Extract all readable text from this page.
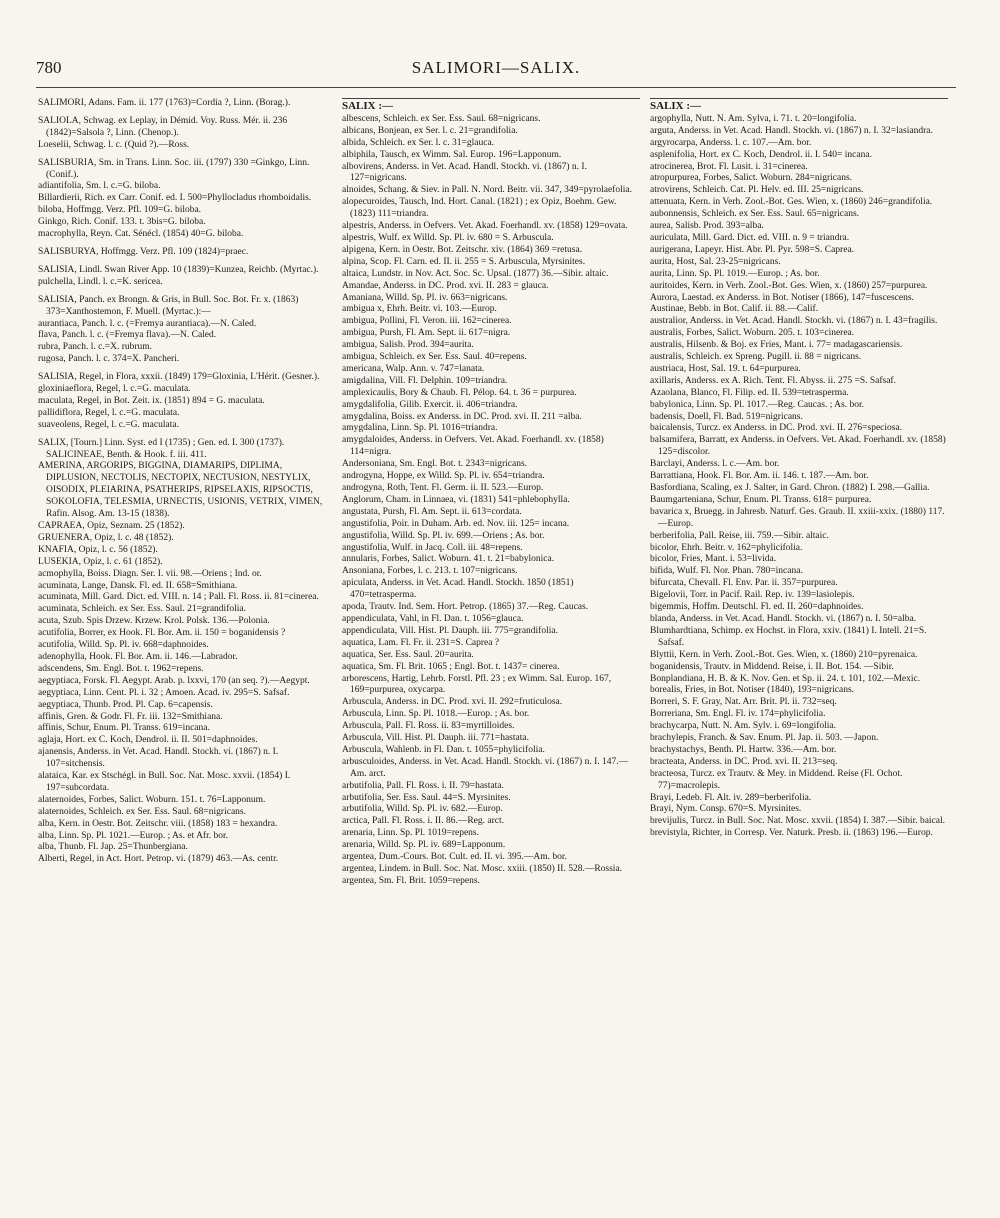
780	SALIMORI—SALIX.

SALIMORI, Adans. Fam. ii. 177 (1763)=Cordia ?, Linn. (Borag.).

SALIOLA, Schwag. ex Leplay, in Démid. Voy. Russ. Mér. ii. 236 (1842)=Salsola ?, Linn. (Chenop.).

Loeselii, Schwag. l. c. (Quid ?).—Ross.

SALISBURIA, Sm. in Trans. Linn. Soc. iii. (1797) 330 =Ginkgo, Linn. (Conif.).

adiantifolia, Sm. l. c.=G. biloba.

Billardierii, Rich. ex Carr. Conif. ed. I. 500=Phyllocladus rhomboidalis.

biloba, Hoffmgg. Verz. Pfl. 109=G. biloba.

Ginkgo, Rich. Conif. 133. t. 3bis=G. biloba.

macrophylla, Reyn. Cat. Sénécl. (1854) 40=G. biloba.

SALISBURYA, Hoffmgg. Verz. Pfl. 109 (1824)=praec.

SALISIA, Lindl. Swan River App. 10 (1839)=Kunzea, Reichb. (Myrtac.).

pulchella, Lindl. l. c.=K. sericea.

SALISIA, Panch. ex Brongn. & Gris, in Bull. Soc. Bot. Fr. x. (1863) 373=Xanthostemon, F. Muell. (Myrtac.):—

aurantiaca, Panch. l. c. (=Fremya aurantiaca).—N. Caled.

flava, Panch. l. c. (=Fremya flava).—N. Caled.

rubra, Panch. l. c.=X. rubrum.

rugosa, Panch. l. c. 374=X. Pancheri.

SALISIA, Regel, in Flora, xxxii. (1849) 179=Gloxinia, L'Hérit. (Gesner.).

gloxiniaeflora, Regel, l. c.=G. maculata.

maculata, Regel, in Bot. Zeit. ix. (1851) 894 = G. maculata.

pallidiflora, Regel, l. c.=G. maculata.

suaveolens, Regel, l. c.=G. maculata.

SALIX, [Tourn.] Linn. Syst. ed I (1735) ; Gen. ed. I. 300 (1737). SALICINEAE, Benth. & Hook. f. iii. 411.

AMERINA, ARGORIPS, BIGGINA, DIAMARIPS, DIPLIMA, DIPLUSION, NECTOLIS, NECTOPIX, NECTUSION, NESTYLIX, OISODIX, PLEIARINA, PSATHERIPS, RIPSELAXIS, RIPSOCTIS, SOKOLOFIA, TELESMIA, URNECTIS, USIONIS, VETRIX, VIMEN, Rafin. Alsog. Am. 13-15 (1838).

CAPRAEA, Opiz, Seznam. 25 (1852).

GRUENERA, Opiz, l. c. 48 (1852).

KNAFIA, Opiz, l. c. 56 (1852).

LUSEKIA, Opiz, l. c. 61 (1852).

acmophylla, Boiss. Diagn. Ser. I. vii. 98.—Oriens ; Ind. or.

acuminata, Lange, Dansk. Fl. ed. II. 658=Smithiana.

acuminata, Mill. Gard. Dict. ed. VIII. n. 14 ; Pall. Fl. Ross. ii. 81=cinerea.

acuminata, Schleich. ex Ser. Ess. Saul. 21=grandifolia.

acuta, Szub. Spis Drzew. Krzew. Krol. Polsk. 136.—Polonia.

acutifolia, Borrer, ex Hook. Fl. Bor. Am. ii. 150 = boganidensis ?

acutifolia, Willd. Sp. Pl. iv. 668=daphnoides.

adenophylla, Hook. Fl. Bor. Am. ii. 146.—Labrador.

adscendens, Sm. Engl. Bot. t. 1962=repens.

aegyptiaca, Forsk. Fl. Aegypt. Arab. p. lxxvi, 170 (an seq. ?).—Aegypt.

aegyptiaca, Linn. Cent. Pl. i. 32 ; Amoen. Acad. iv. 295=S. Safsaf.

aegyptiaca, Thunb. Prod. Pl. Cap. 6=capensis.

affinis, Gren. & Godr. Fl. Fr. iii. 132=Smithiana.

affinis, Schur, Enum. Pl. Transs. 619=incana.

aglaja, Hort. ex C. Koch, Dendrol. ii. II. 501=daphnoides.

ajanensis, Anderss. in Vet. Acad. Handl. Stockh. vi. (1867) n. I. 107=sitchensis.

alataica, Kar. ex Stschégl. in Bull. Soc. Nat. Mosc. xxvii. (1854) I. 197=subcordata.

alaternoides, Forbes, Salict. Woburn. 151. t. 76=Lapponum.

alaternoides, Schleich. ex Ser. Ess. Saul. 68=nigricans.

alba, Kern. in Oestr. Bot. Zeitschr. viii. (1858) 183 = hexandra.

alba, Linn. Sp. Pl. 1021.—Europ. ; As. et Afr. bor.

alba, Thunb. Fl. Jap. 25=Thunbergiana.

Alberti, Regel, in Act. Hort. Petrop. vi. (1879) 463.—As. centr.

SALIX :—

albescens, Schleich. ex Ser. Ess. Saul. 68=nigricans.

albicans, Bonjean, ex Ser. l. c. 21=grandifolia.

albida, Schleich. ex Ser. l. c. 31=glauca.

albiphila, Tausch, ex Wimm. Sal. Europ. 196=Lapponum.

albovirens, Anderss. in Vet. Acad. Handl. Stockh. vi. (1867) n. I. 127=nigricans.

alnoides, Schang. & Siev. in Pall. N. Nord. Beitr. vii. 347, 349=pyrolaefolia.

alopecuroides, Tausch, Ind. Hort. Canal. (1821) ; ex Opiz, Boehm. Gew. (1823) 111=triandra.

alpestris, Anderss. in Oefvers. Vet. Akad. Foerhandl. xv. (1858) 129=ovata.

alpestris, Wulf. ex Willd. Sp. Pl. iv. 680 = S. Arbuscula.

alpigena, Kern. in Oestr. Bot. Zeitschr. xiv. (1864) 369 =retusa.

alpina, Scop. Fl. Carn. ed. II. ii. 255 = S. Arbuscula, Myrsinites.

altaica, Lundstr. in Nov. Act. Soc. Sc. Upsal. (1877) 36.—Sibir. altaic.

Amandae, Anderss. in DC. Prod. xvi. II. 283 = glauca.

Amaniana, Willd. Sp. Pl. iv. 663=nigricans.

ambigua x, Ehrh. Beitr. vi. 103.—Europ.

ambigua, Pollini, Fl. Veron. iii. 162=cinerea.

ambigua, Pursh, Fl. Am. Sept. ii. 617=nigra.

ambigua, Salisb. Prod. 394=aurita.

ambigua, Schleich. ex Ser. Ess. Saul. 40=repens.

americana, Walp. Ann. v. 747=lanata.

amigdalina, Vill. Fl. Delphin. 109=triandra.

amplexicaulis, Bory & Chaub. Fl. Pélop. 64. t. 36 = purpurea.

amygdalifolia, Gilib. Exercit. ii. 406=triandra.

amygdalina, Boiss. ex Anderss. in DC. Prod. xvi. II. 211 =alba.

amygdalina, Linn. Sp. Pl. 1016=triandra.

amygdaloides, Anderss. in Oefvers. Vet. Akad. Foerhandl. xv. (1858) 114=nigra.

Andersoniana, Sm. Engl. Bot. t. 2343=nigricans.

androgyna, Hoppe, ex Willd. Sp. Pl. iv. 654=triandra.

androgyna, Roth, Tent. Fl. Germ. ii. II. 523.—Europ.

Anglorum, Cham. in Linnaea, vi. (1831) 541=phlebophylla.

angustata, Pursh, Fl. Am. Sept. ii. 613=cordata.

angustifolia, Poir. in Duham. Arb. ed. Nov. iii. 125= incana.

angustifolia, Willd. Sp. Pl. iv. 699.—Oriens ; As. bor.

angustifolia, Wulf. in Jacq. Coll. iii. 48=repens.

annularis, Forbes, Salict. Woburn. 41. t. 21=babylonica.

Ansoniana, Forbes, l. c. 213. t. 107=nigricans.

apiculata, Anderss. in Vet. Acad. Handl. Stockh. 1850 (1851) 470=tetrasperma.

apoda, Trautv. Ind. Sem. Hort. Petrop. (1865) 37.—Reg. Caucas.

appendiculata, Vahl, in Fl. Dan. t. 1056=glauca.

appendiculata, Vill. Hist. Pl. Dauph. iii. 775=grandifolia.

aquatica, Lam. Fl. Fr. ii. 231=S. Caprea ?

aquatica, Ser. Ess. Saul. 20=aurita.

aquatica, Sm. Fl. Brit. 1065 ; Engl. Bot. t. 1437= cinerea.

arborescens, Hartig, Lehrb. Forstl. Pfl. 23 ; ex Wimm. Sal. Europ. 167, 169=purpurea, oxycarpa.

Arbuscula, Anderss. in DC. Prod. xvi. II. 292=fruticulosa.

Arbuscula, Linn. Sp. Pl. 1018.—Europ. ; As. bor.

Arbuscula, Pall. Fl. Ross. ii. 83=myrtilloides.

Arbuscula, Vill. Hist. Pl. Dauph. iii. 771=hastata.

Arbuscula, Wahlenb. in Fl. Dan. t. 1055=phylicifolia.

arbusculoides, Anderss. in Vet. Acad. Handl. Stockh. vi. (1867) n. I. 147.—Am. arct.

arbutifolia, Pall. Fl. Ross. i. II. 79=hastata.

arbutifolia, Ser. Ess. Saul. 44=S. Myrsinites.

arbutifolia, Willd. Sp. Pl. iv. 682.—Europ.

arctica, Pall. Fl. Ross. i. II. 86.—Reg. arct.

arenaria, Linn. Sp. Pl. 1019=repens.

arenaria, Willd. Sp. Pl. iv. 689=Lapponum.

argentea, Dum.-Cours. Bot. Cult. ed. II. vi. 395.—Am. bor.

argentea, Lindem. in Bull. Soc. Nat. Mosc. xxiii. (1850) II. 528.—Rossia.

argentea, Sm. Fl. Brit. 1059=repens.

SALIX :—

argophylla, Nutt. N. Am. Sylva, i. 71. t. 20=longifolia.

arguta, Anderss. in Vet. Acad. Handl. Stockh. vi. (1867) n. I. 32=lasiandra.

argyrocarpa, Anderss. l. c. 107.—Am. bor.

asplenifolia, Hort. ex C. Koch, Dendrol. ii. I. 540= incana.

atrocinerea, Brot. Fl. Lusit. i. 31=cinerea.

atropurpurea, Forbes, Salict. Woburn. 284=nigricans.

atrovirens, Schleich. Cat. Pl. Helv. ed. III. 25=nigricans.

attenuata, Kern. in Verh. Zool.-Bot. Ges. Wien, x. (1860) 246=grandifolia.

aubonnensis, Schleich. ex Ser. Ess. Saul. 65=nigricans.

aurea, Salisb. Prod. 393=alba.

auriculata, Mill. Gard. Dict. ed. VIII. n. 9 = triandra.

aurigerana, Lapeyr. Hist. Abr. Pl. Pyr. 598=S. Caprea.

aurita, Host, Sal. 23-25=nigricans.

aurita, Linn. Sp. Pl. 1019.—Europ. ; As. bor.

auritoides, Kern. in Verh. Zool.-Bot. Ges. Wien, x. (1860) 257=purpurea.

Aurora, Laestad. ex Anderss. in Bot. Notiser (1866), 147=fuscescens.

Austinae, Bebb. in Bot. Calif. ii. 88.—Calif.

australior, Anderss. in Vet. Acad. Handl. Stockh. vi. (1867) n. I. 43=fragilis.

australis, Forbes, Salict. Woburn. 205. t. 103=cinerea.

australis, Hilsenb. & Boj. ex Fries, Mant. i. 77= madagascariensis.

australis, Schleich. ex Spreng. Pugill. ii. 88 = nigricans.

austriaca, Host, Sal. 19. t. 64=purpurea.

axillaris, Anderss. ex A. Rich. Tent. Fl. Abyss. ii. 275 =S. Safsaf.

Azaolana, Blanco, Fl. Filip. ed. II. 539=tetrasperma.

babylonica, Linn. Sp. Pl. 1017.—Reg. Caucas. ; As. bor.

badensis, Doell, Fl. Bad. 519=nigricans.

baicalensis, Turcz. ex Anderss. in DC. Prod. xvi. II. 276=speciosa.

balsamifera, Barratt, ex Anderss. in Oefvers. Vet. Akad. Foerhandl. xv. (1858) 125=discolor.

Barclayi, Anderss. l. c.—Am. bor.

Barrattiana, Hook. Fl. Bor. Am. ii. 146. t. 187.—Am. bor.

Basfordiana, Scaling, ex J. Salter, in Gard. Chron. (1882) I. 298.—Gallia.

Baumgarteniana, Schur, Enum. Pl. Transs. 618= purpurea.

bavarica x, Bruegg. in Jahresb. Naturf. Ges. Graub. II. xxiii-xxix. (1880) 117.—Europ.

berberifolia, Pall. Reise, iii. 759.—Sibir. altaic.

bicolor, Ehrh. Beitr. v. 162=phylicifolia.

bicolor, Fries, Mant. i. 53=livida.

bifida, Wulf. Fl. Nor. Phan. 780=incana.

bifurcata, Chevall. Fl. Env. Par. ii. 357=purpurea.

Bigelovii, Torr. in Pacif. Rail. Rep. iv. 139=lasiolepis.

bigemmis, Hoffm. Deutschl. Fl. ed. II. 260=daphnoides.

blanda, Anderss. in Vet. Acad. Handl. Stockh. vi. (1867) n. I. 50=alba.

Blumhardtiana, Schimp. ex Hochst. in Flora, xxiv. (1841) I. Intell. 21=S. Safsaf.

Blyttii, Kern. in Verh. Zool.-Bot. Ges. Wien, x. (1860) 210=pyrenaica.

boganidensis, Trautv. in Middend. Reise, i. II. Bot. 154. —Sibir.

Bonplandiana, H. B. & K. Nov. Gen. et Sp. ii. 24. t. 101, 102.—Mexic.

borealis, Fries, in Bot. Notiser (1840), 193=nigricans.

Borreri, S. F. Gray, Nat. Arr. Brit. Pl. ii. 732=seq.

Borreriana, Sm. Engl. Fl. iv. 174=phylicifolia.

brachycarpa, Nutt. N. Am. Sylv. i. 69=longifolia.

brachylepis, Franch. & Sav. Enum. Pl. Jap. ii. 503. —Japon.

brachystachys, Benth. Pl. Hartw. 336.—Am. bor.

bracteata, Anderss. in DC. Prod. xvi. II. 213=seq.

bracteosa, Turcz. ex Trautv. & Mey. in Middend. Reise (Fl. Ochot. 77)=macrolepis.

Brayi, Ledeb. Fl. Alt. iv. 289=berberifolia.

Brayi, Nym. Consp. 670=S. Myrsinites.

brevijulis, Turcz. in Bull. Soc. Nat. Mosc. xxvii. (1854) I. 387.—Sibir. baical.

brevistyla, Richter, in Corresp. Ver. Naturk. Presb. ii. (1863) 196.—Europ.
